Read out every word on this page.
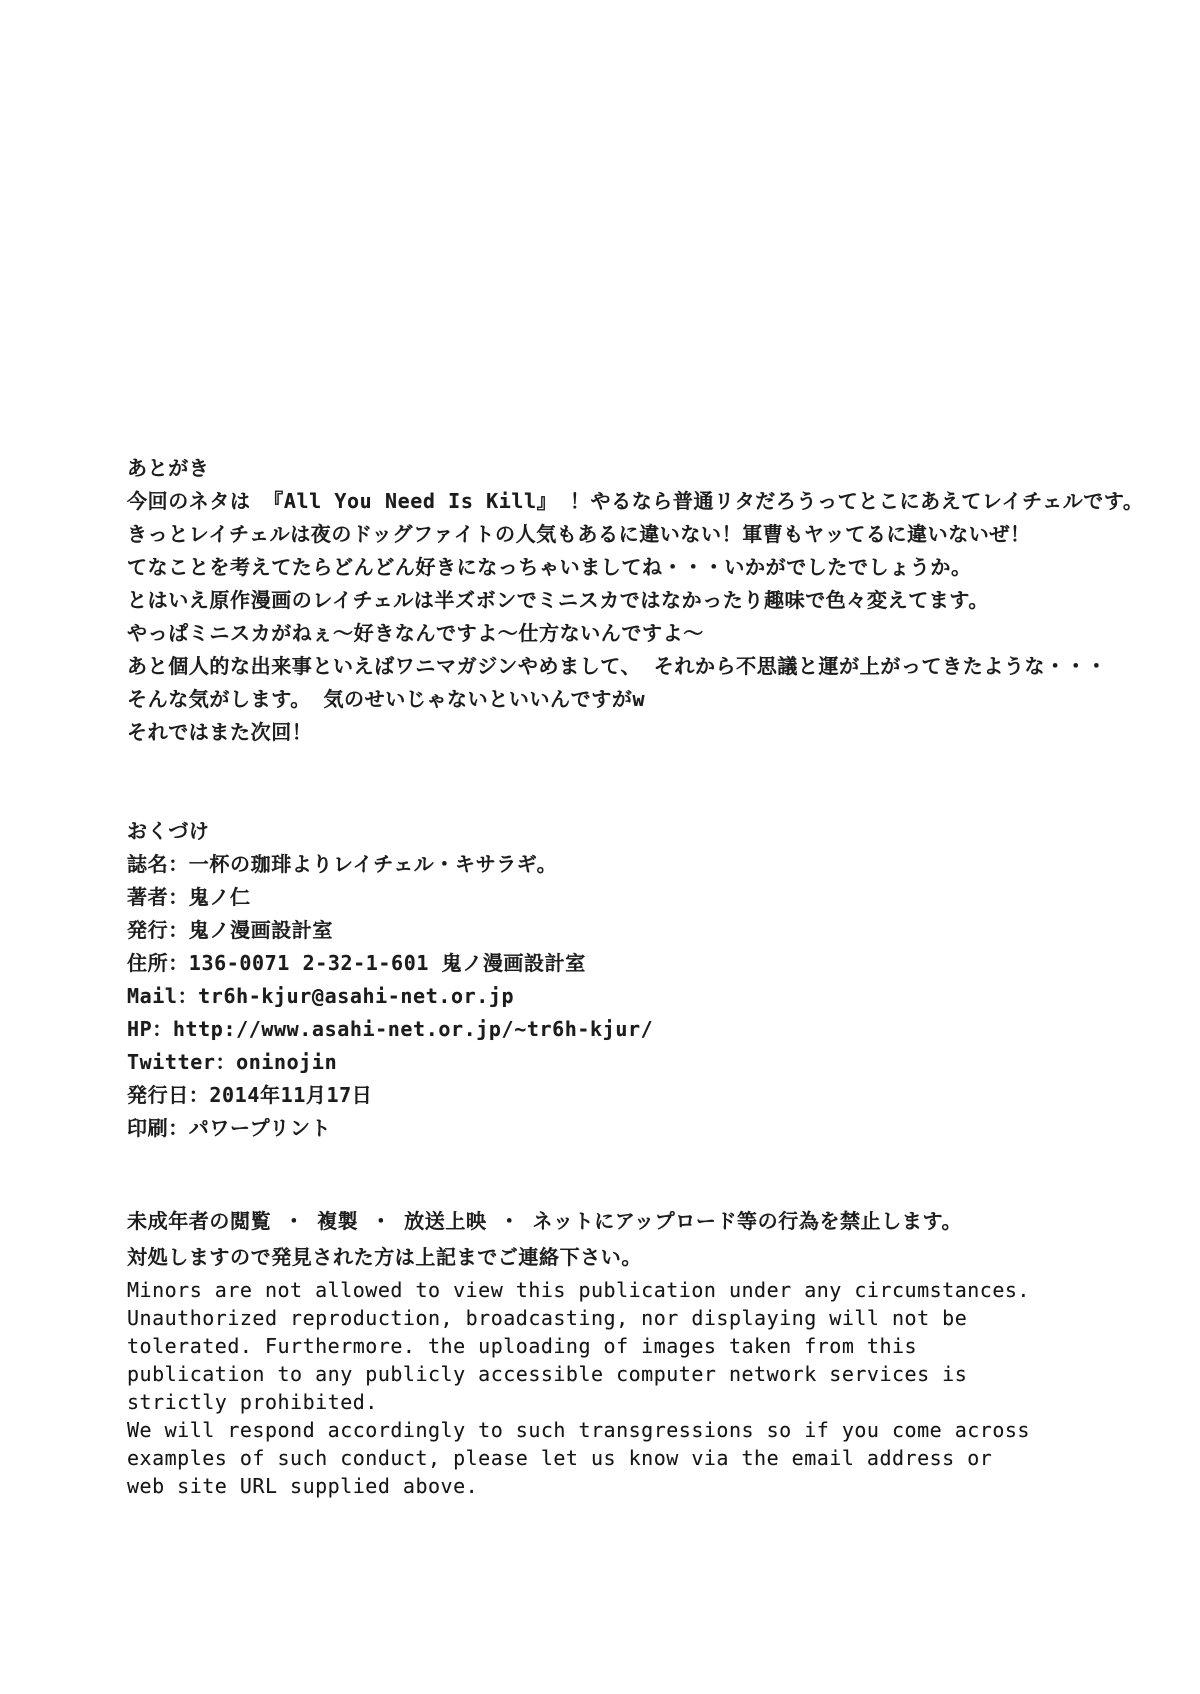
あとがき
今回のネタは 『All You Need Is Kill』 ！やるなら普通リタだろうってとこにあえてレイチェルです。
きっとレイチェルは夜のドッグファイトの人気もあるに違いない！軍曹もヤッてるに違いないぜ！
てなことを考えてたらどんどん好きになっちゃいましてね・・・いかがでしたでしょうか。
とはいえ原作漫画のレイチェルは半ズボンでミニスカではなかったり趣味で色々変えてます。
やっぱミニスカがねぇ～好きなんですよ～仕方ないんですよ～
あと個人的な出来事といえばワニマガジンやめまして、 それから不思議と運が上がってきたような・・・
そんな気がします。 気のせいじゃないといいんですがw
それではまた次回！
おくづけ
誌名：一杯の珈琲よりレイチェル・キサラギ。
著者：鬼ノ仁
発行：鬼ノ漫画設計室
住所：136-0071 2-32-1-601 鬼ノ漫画設計室
Mail：tr6h-kjur@asahi-net.or.jp
HP：http://www.asahi-net.or.jp/~tr6h-kjur/
Twitter：oninojin
発行日：2014年11月17日
印刷：パワープリント
未成年者の閲覧 ・ 複製 ・ 放送上映 ・ ネットにアップロード等の行為を禁止します。
対処しますので発見された方は上記までご連絡下さい。
Minors are not allowed to view this publication under any circumstances.
Unauthorized reproduction, broadcasting, nor displaying will not be
tolerated. Furthermore. the uploading of images taken from this
publication to any publicly accessible computer network services is
strictly prohibited.
We will respond accordingly to such transgressions so if you come across
examples of such conduct, please let us know via the email address or
web site URL supplied above.
